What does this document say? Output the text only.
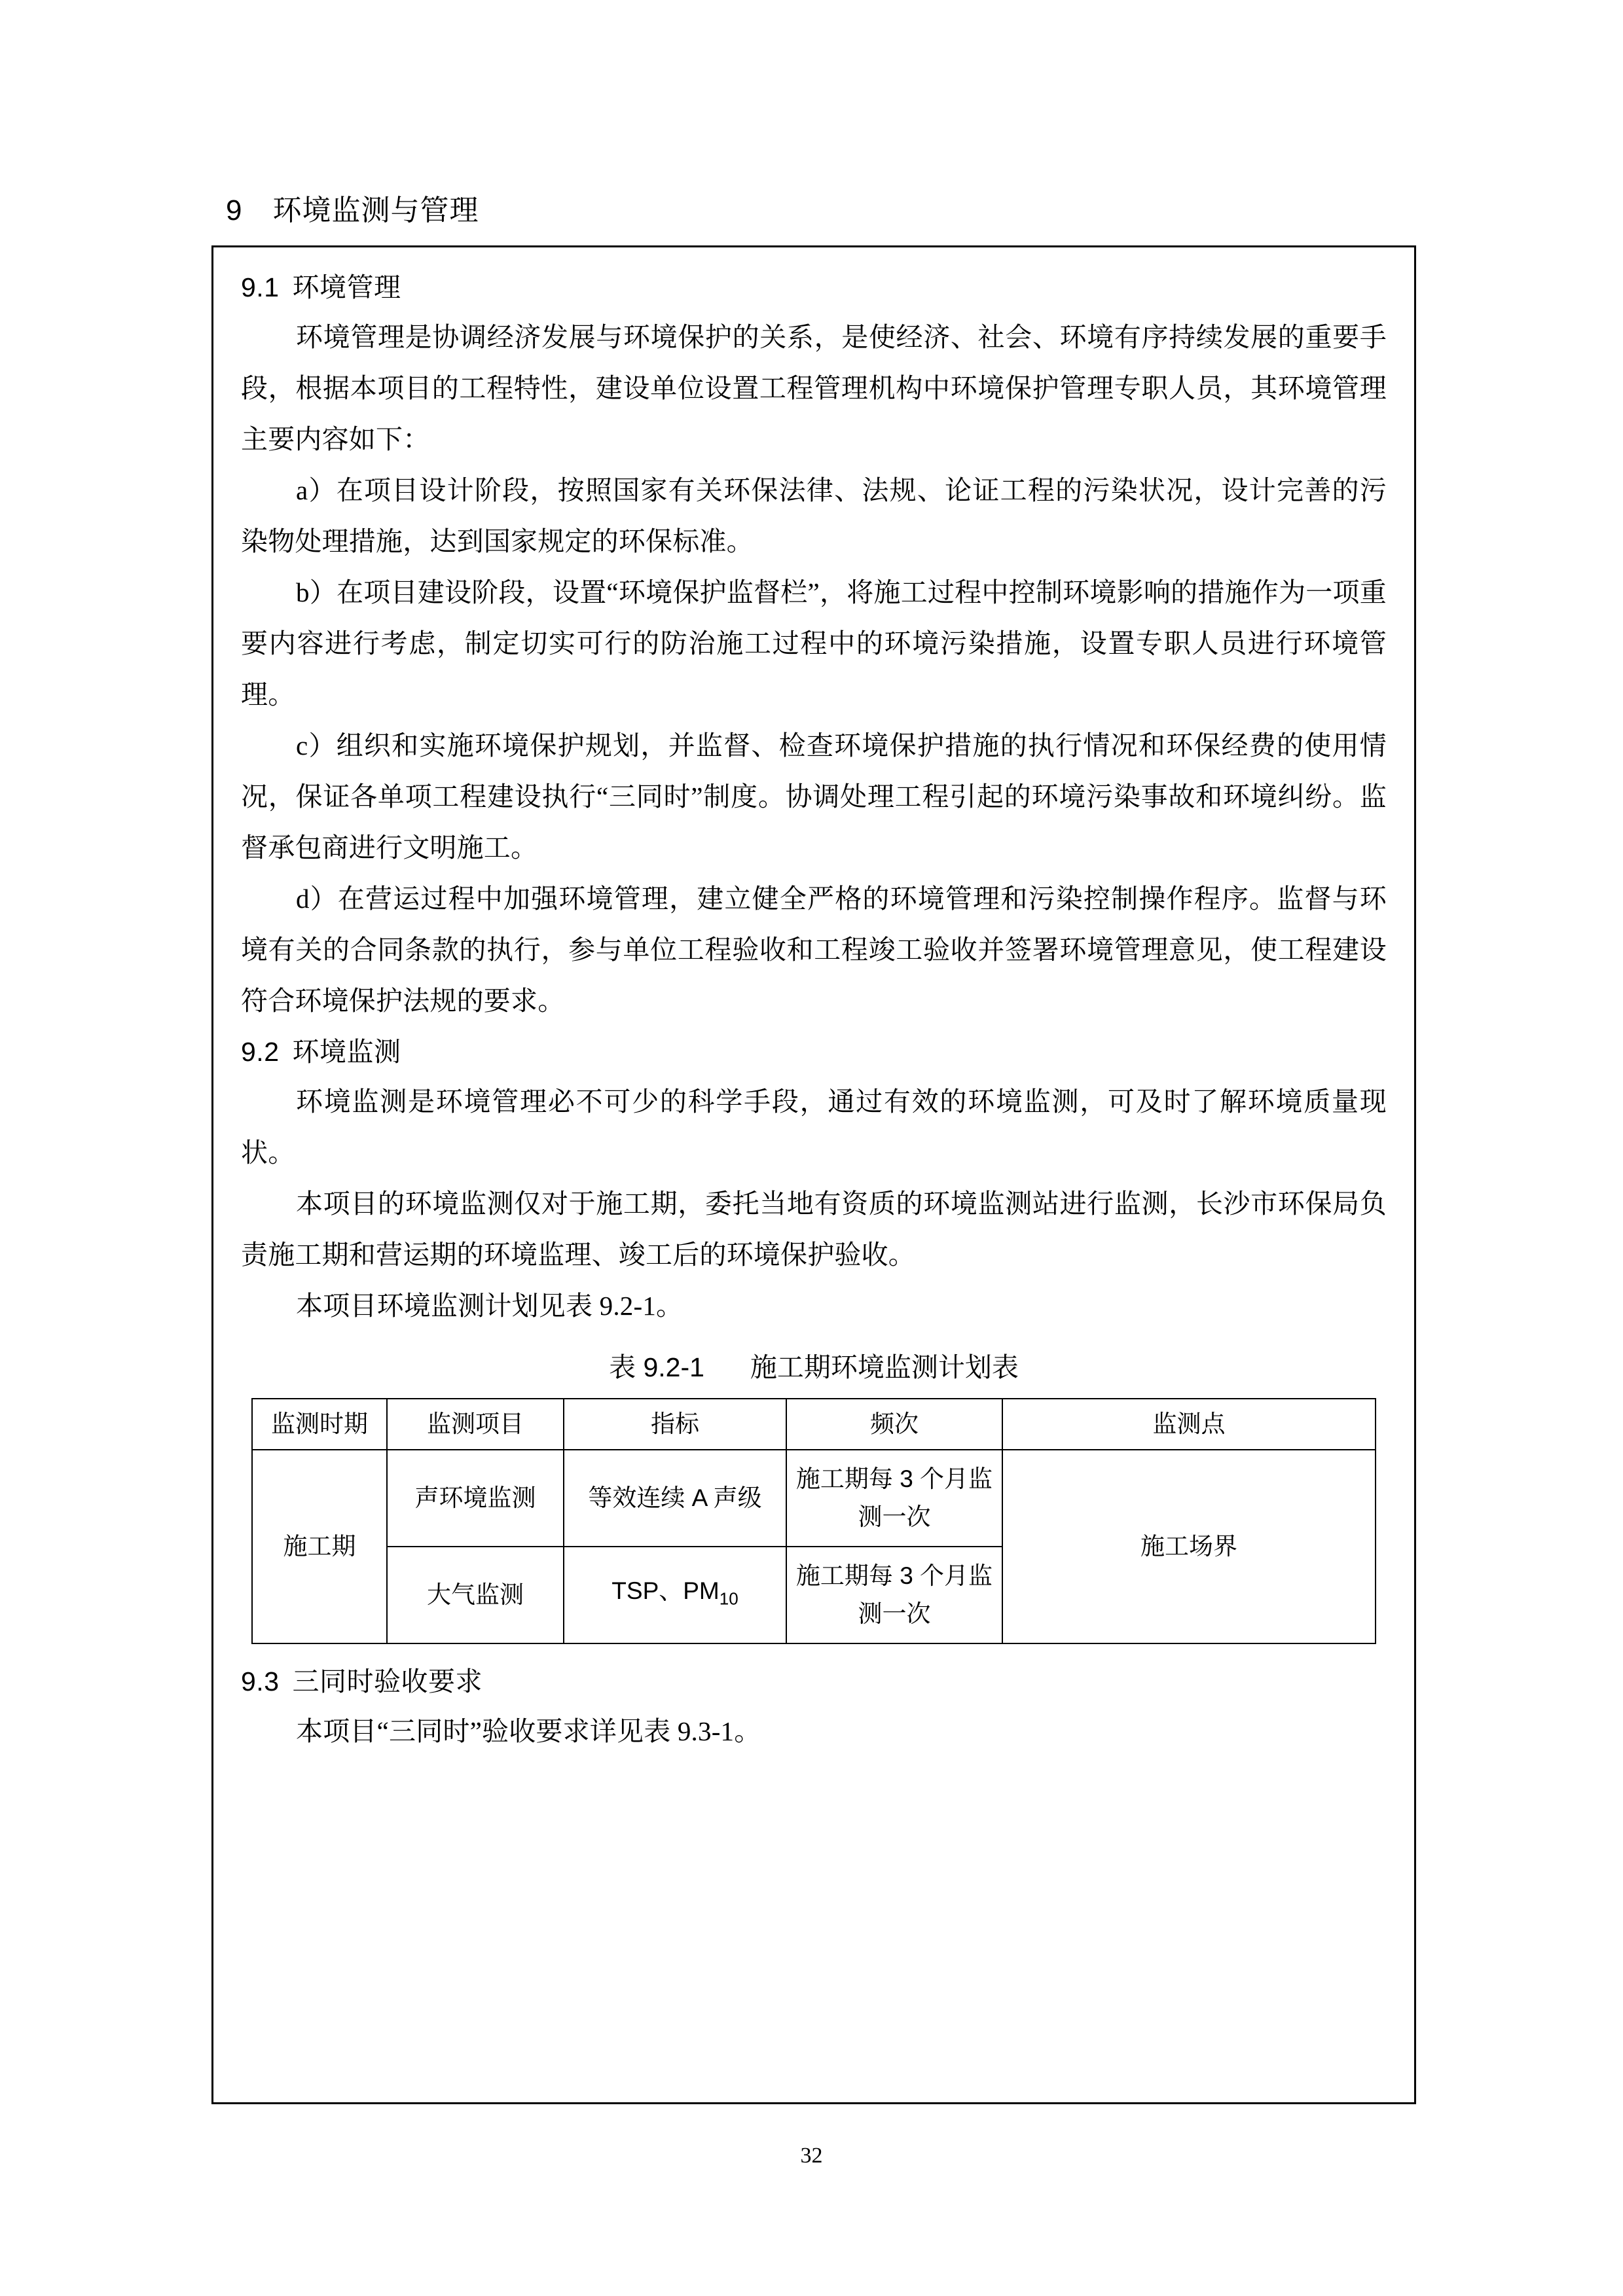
9 环境监测与管理
9.1 环境管理

环境管理是协调经济发展与环境保护的关系，是使经济、社会、环境有序持续发展的重要手段，根据本项目的工程特性，建设单位设置工程管理机构中环境保护管理专职人员，其环境管理主要内容如下：

a）在项目设计阶段，按照国家有关环保法律、法规、论证工程的污染状况，设计完善的污染物处理措施，达到国家规定的环保标准。

b）在项目建设阶段，设置“环境保护监督栏”，将施工过程中控制环境影响的措施作为一项重要内容进行考虑，制定切实可行的防治施工过程中的环境污染措施，设置专职人员进行环境管理。

c）组织和实施环境保护规划，并监督、检查环境保护措施的执行情况和环保经费的使用情况，保证各单项工程建设执行“三同时”制度。协调处理工程引起的环境污染事故和环境纠纷。监督承包商进行文明施工。

d）在营运过程中加强环境管理，建立健全严格的环境管理和污染控制操作程序。监督与环境有关的合同条款的执行，参与单位工程验收和工程竣工验收并签署环境管理意见，使工程建设符合环境保护法规的要求。

9.2 环境监测

环境监测是环境管理必不可少的科学手段，通过有效的环境监测，可及时了解环境质量现状。

本项目的环境监测仅对于施工期，委托当地有资质的环境监测站进行监测，长沙市环保局负责施工期和营运期的环境监理、竣工后的环境保护验收。

本项目环境监测计划见表 9.2-1。

表 9.2-1 施工期环境监测计划表
监测时期	监测项目	指标	频次	监测点
施工期	声环境监测	等效连续 A 声级	施工期每 3 个月监测一次	施工场界
	大气监测	TSP、$PM_{10}$	施工期每 3 个月监测一次	
9.3 三同时验收要求

本项目“三同时”验收要求详见表 9.3-1。

32
